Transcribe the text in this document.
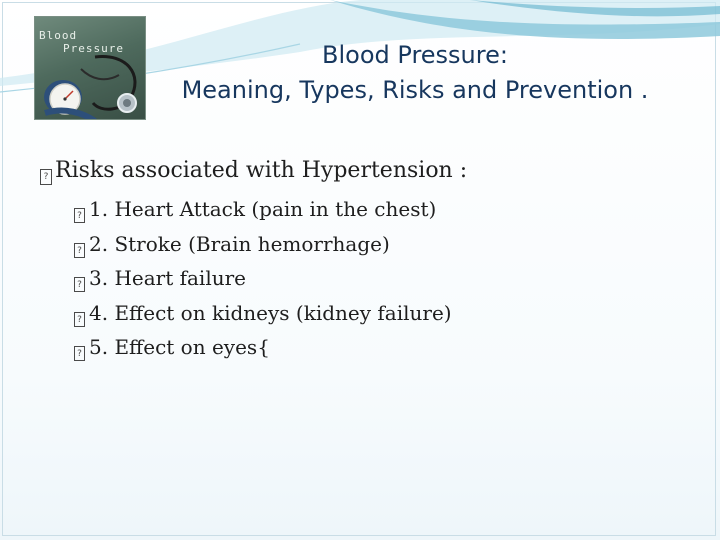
Blood
Pressure	Blood Pressure:
Meaning, Types, Risks and Prevention .
? Risks associated with Hypertension :
? 1. Heart Attack (pain in the chest)
? 2. Stroke (Brain hemorrhage)
? 3. Heart failure
? 4. Effect on kidneys (kidney failure)
? 5. Effect on eyes{
